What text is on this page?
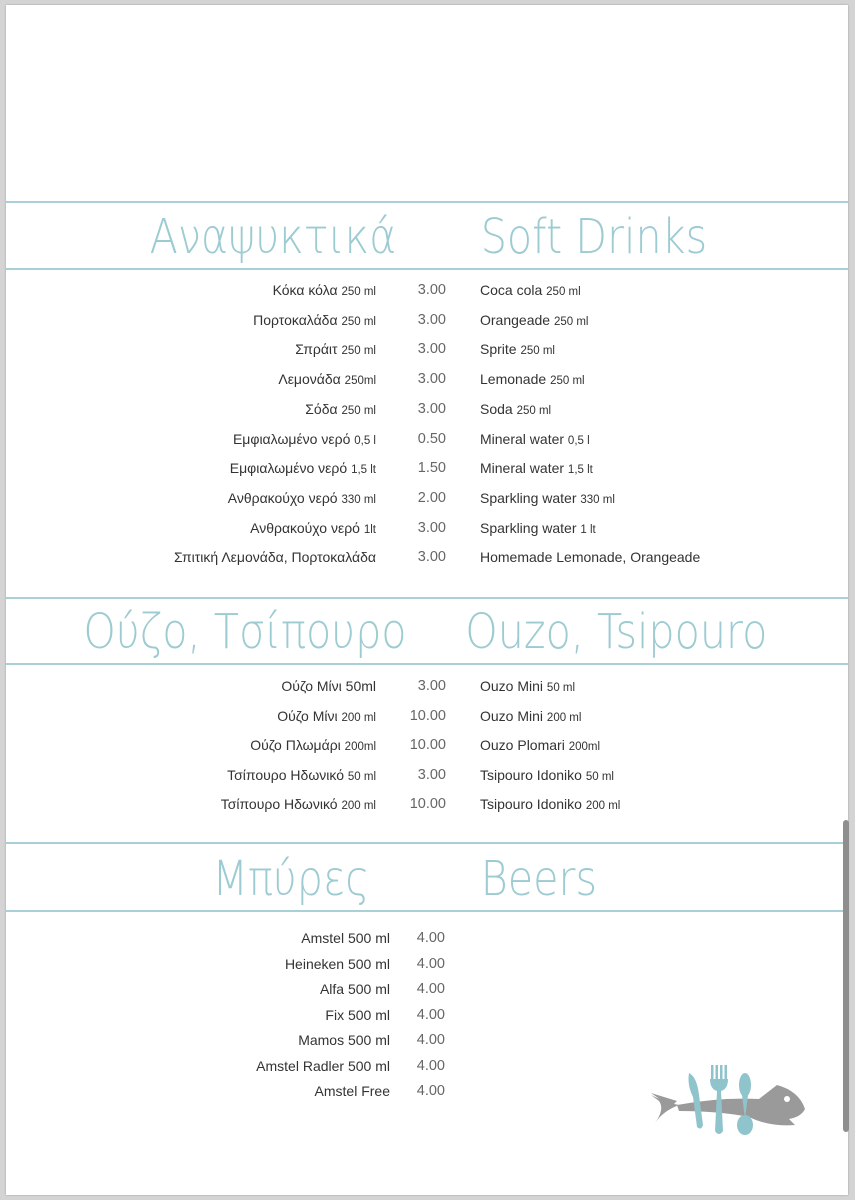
Αναψυκτικά Soft Drinks
Κόκα κόλα 250 ml	3.00 Coca cola 250 ml
Πορτοκαλάδα 250 ml	3.00 Orangeade 250 ml
Σπράιτ 250 ml	3.00 Sprite 250 ml
Λεμονάδα 250ml	3.00 Lemonade 250 ml
Σόδα 250 ml	3.00 Soda 250 ml
Εμφιαλωμένο νερό 0,5 l	0.50 Mineral water 0,5 l
Εμφιαλωμένο νερό 1,5 lt	1.50 Mineral water 1,5 lt
Ανθρακούχο νερό 330 ml	2.00 Sparkling water 330 ml
Ανθρακούχο νερό 1lt	3.00 Sparkling water 1 lt
Σπιτική Λεμονάδα, Πορτοκαλάδα	3.00 Homemade Lemonade, Orangeade
Ούζο, Τσίπουρο Ouzo, Tsipouro
Ούζο Μίνι 50ml	3.00 Ouzo Mini 50 ml
Ούζο Μίνι 200 ml	10.00 Ouzo Mini 200 ml
Ούζο Πλωμάρι 200ml	10.00 Ouzo Plomari 200ml
Τσίπουρο Ηδωνικό 50 ml	3.00 Tsipouro Idoniko 50 ml
Τσίπουρο Ηδωνικό 200 ml	10.00 Tsipouro Idoniko 200 ml
Μπύρες Beers
Amstel 500 ml	4.00
Heineken 500 ml	4.00
Alfa 500 ml	4.00
Fix 500 ml	4.00
Mamos 500 ml	4.00
Amstel Radler 500 ml	4.00
Amstel Free	4.00
